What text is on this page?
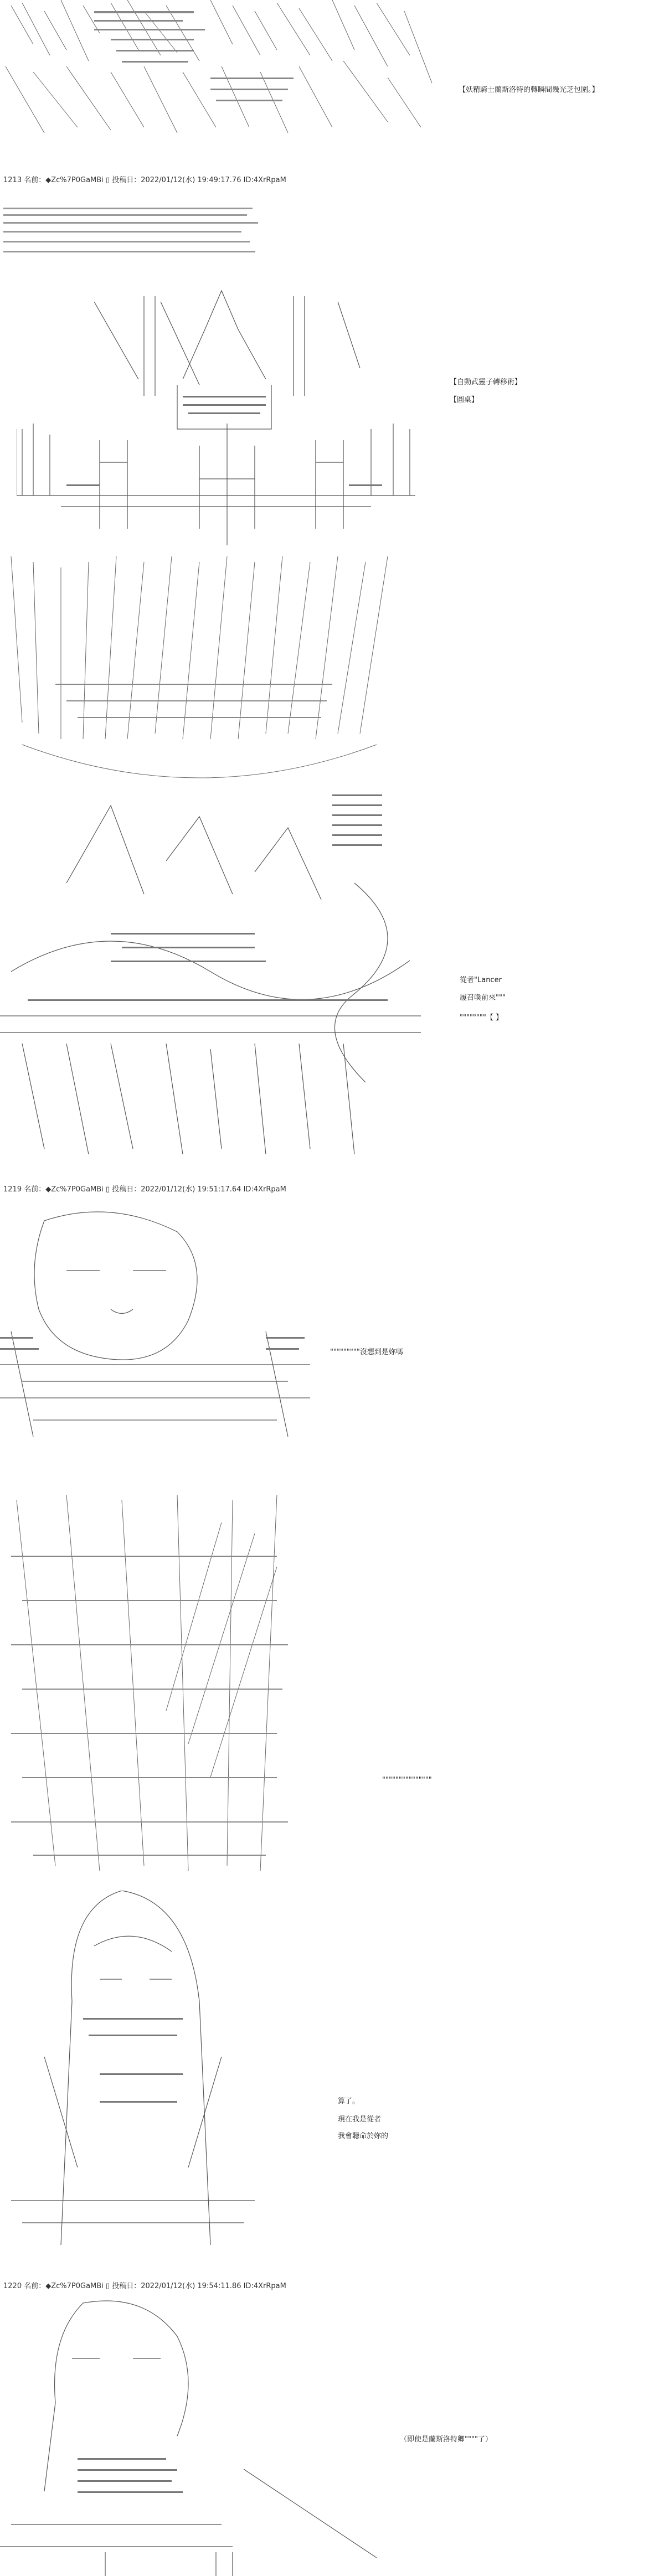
【妖精騎士蘭斯洛特的轉瞬間幾光芝包圍。】
1213 名前：◆Zc%7P0GaMBi ▯ 投稿日：2022/01/12(水) 19:49:17.76 ID:4XrRpaM
【自動武靈子轉移術】
【圓桌】
從者"Lancer
履召喚前來"""
""""""""【 】
1219 名前：◆Zc%7P0GaMBi ▯ 投稿日：2022/01/12(水) 19:51:17.64 ID:4XrRpaM
"""""""""沒想到是妳嗎
"""""""""""""""
算了。
現在我是從者
我會聽命於妳的
1220 名前：◆Zc%7P0GaMBi ▯ 投稿日：2022/01/12(水) 19:54:11.86 ID:4XrRpaM
（即使是蘭斯洛特卿""""了）
